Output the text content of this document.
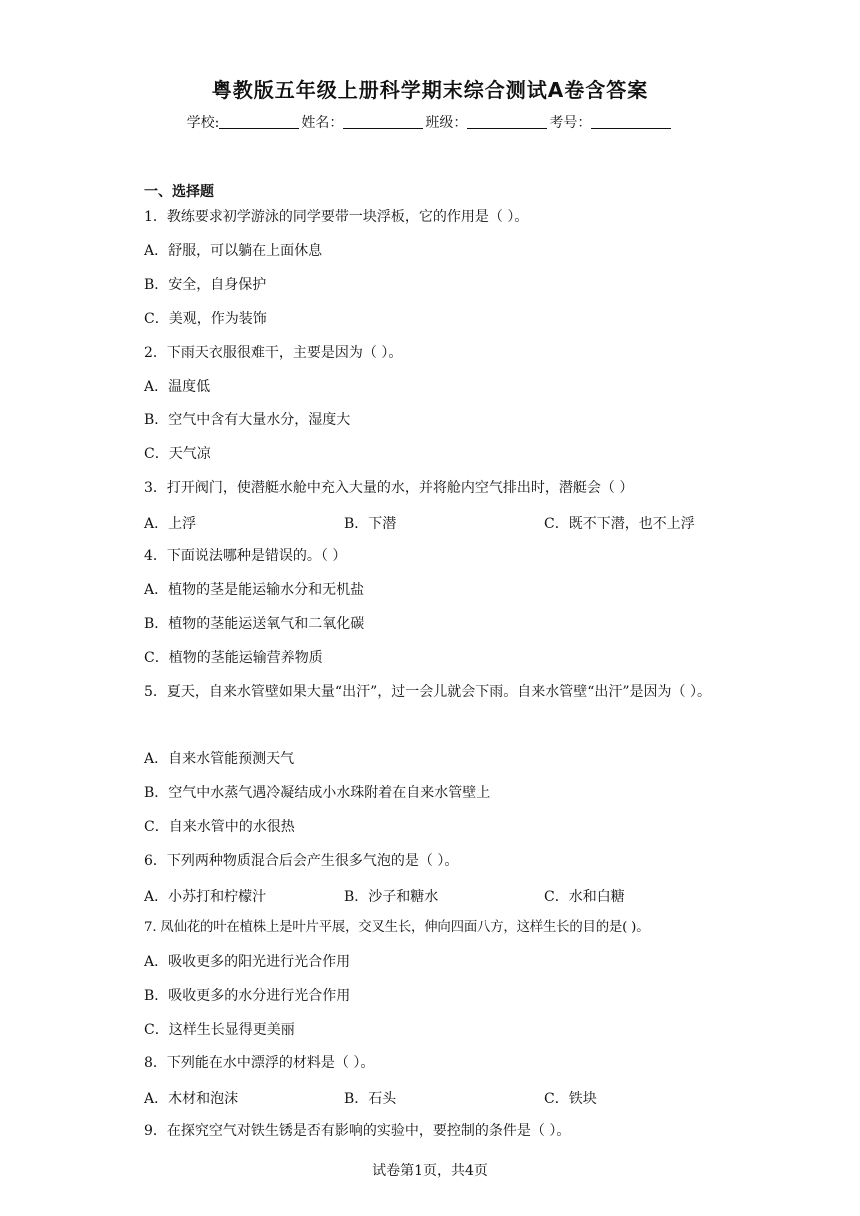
粤教版五年级上册科学期末综合测试A卷含答案
学校:	姓名：	班级：	考号：
一、选择题
1．教练要求初学游泳的同学要带一块浮板，它的作用是（ ）。
A．舒服，可以躺在上面休息
B．安全，自身保护
C．美观，作为装饰
2．下雨天衣服很难干，主要是因为（ ）。
A．温度低
B．空气中含有大量水分，湿度大
C．天气凉
3．打开阀门，使潜艇水舱中充入大量的水，并将舱内空气排出时，潜艇会（ ）
A．上浮	B．下潜	C．既不下潜，也不上浮
4．下面说法哪种是错误的。（ ）
A．植物的茎是能运输水分和无机盐
B．植物的茎能运送氧气和二氧化碳
C．植物的茎能运输营养物质
5．夏天，自来水管壁如果大量“出汗”，过一会儿就会下雨。自来水管壁“出汗”是因为（ ）。
A．自来水管能预测天气
B．空气中水蒸气遇冷凝结成小水珠附着在自来水管壁上
C．自来水管中的水很热
6．下列两种物质混合后会产生很多气泡的是（ ）。
A．小苏打和柠檬汁	B．沙子和糖水	C．水和白糖
7. 凤仙花的叶在植株上是叶片平展，交叉生长，伸向四面八方，这样生长的目的是( )。
A．吸收更多的阳光进行光合作用
B．吸收更多的水分进行光合作用
C．这样生长显得更美丽
8．下列能在水中漂浮的材料是（ ）。
A．木材和泡沫	B．石头	C．铁块
9．在探究空气对铁生锈是否有影响的实验中，要控制的条件是（ ）。
试卷第1页，共4页
